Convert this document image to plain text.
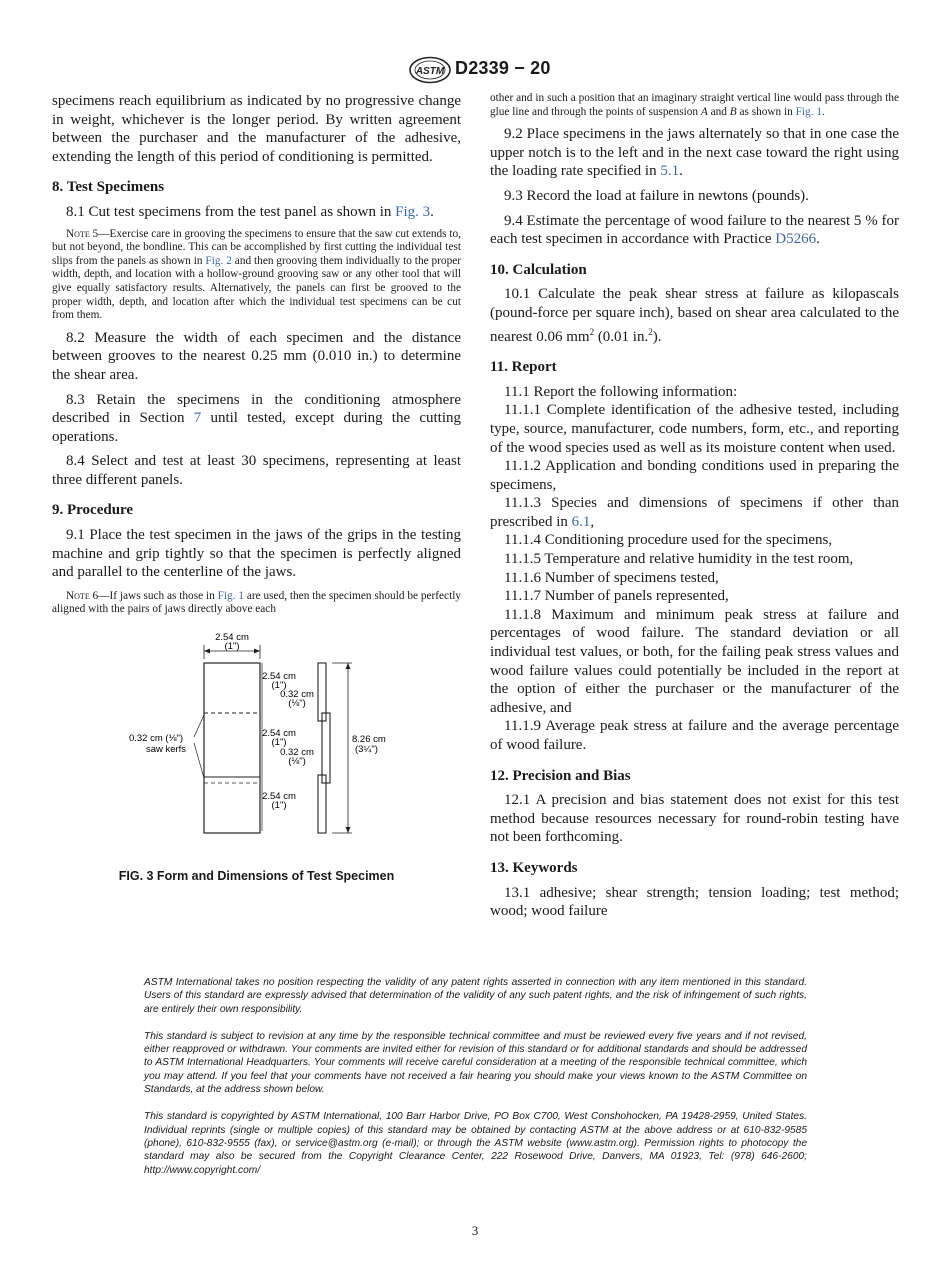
ASTM D2339 − 20

specimens reach equilibrium as indicated by no progressive change in weight, whichever is the longer period. By written agreement between the purchaser and the manufacturer of the adhesive, extending the length of this period of conditioning is permitted.

8. Test Specimens

8.1 Cut test specimens from the test panel as shown in Fig. 3.

Note 5—Exercise care in grooving the specimens to ensure that the saw cut extends to, but not beyond, the bondline. This can be accomplished by first cutting the individual test slips from the panels as shown in Fig. 2 and then grooving them individually to the proper width, depth, and location with a hollow-ground grooving saw or any other tool that will give equally satisfactory results. Alternatively, the panels can first be grooved to the proper width, depth, and location after which the individual test specimens can be cut from them.

8.2 Measure the width of each specimen and the distance between grooves to the nearest 0.25 mm (0.010 in.) to determine the shear area.

8.3 Retain the specimens in the conditioning atmosphere described in Section 7 until tested, except during the cutting operations.

8.4 Select and test at least 30 specimens, representing at least three different panels.

9. Procedure

9.1 Place the test specimen in the jaws of the grips in the testing machine and grip tightly so that the specimen is perfectly aligned and parallel to the centerline of the jaws.

Note 6—If jaws such as those in Fig. 1 are used, then the specimen should be perfectly aligned with the pairs of jaws directly above each

2.54 cm
(1")
2.54 cm
(1")
0.32 cm
(⅛")
2.54 cm
(1")
0.32 cm
(⅛")
2.54 cm
(1")
8.26 cm
(3¼")
0.32 cm (⅛")
saw kerfs

FIG. 3 Form and Dimensions of Test Specimen

other and in such a position that an imaginary straight vertical line would pass through the glue line and through the points of suspension A and B as shown in Fig. 1.

9.2 Place specimens in the jaws alternately so that in one case the upper notch is to the left and in the next case toward the right using the loading rate specified in 5.1.

9.3 Record the load at failure in newtons (pounds).

9.4 Estimate the percentage of wood failure to the nearest 5 % for each test specimen in accordance with Practice D5266.

10. Calculation

10.1 Calculate the peak shear stress at failure as kilopascals (pound-force per square inch), based on shear area calculated to the nearest 0.06 $mm^2$ (0.01 in.$^2$).

11. Report

11.1 Report the following information:

11.1.1 Complete identification of the adhesive tested, including type, source, manufacturer, code numbers, form, etc., and reporting of the wood species used as well as its moisture content when used.

11.1.2 Application and bonding conditions used in preparing the specimens,

11.1.3 Species and dimensions of specimens if other than prescribed in 6.1,

11.1.4 Conditioning procedure used for the specimens,

11.1.5 Temperature and relative humidity in the test room,

11.1.6 Number of specimens tested,

11.1.7 Number of panels represented,

11.1.8 Maximum and minimum peak stress at failure and percentages of wood failure. The standard deviation or all individual test values, or both, for the failing peak stress values and wood failure values could potentially be included in the report at the option of either the purchaser or the manufacturer of the adhesive, and

11.1.9 Average peak stress at failure and the average percentage of wood failure.

12. Precision and Bias

12.1 A precision and bias statement does not exist for this test method because resources necessary for round-robin testing have not been forthcoming.

13. Keywords

13.1 adhesive; shear strength; tension loading; test method; wood; wood failure

ASTM International takes no position respecting the validity of any patent rights asserted in connection with any item mentioned in this standard. Users of this standard are expressly advised that determination of the validity of any such patent rights, and the risk of infringement of such rights, are entirely their own responsibility.

This standard is subject to revision at any time by the responsible technical committee and must be reviewed every five years and if not revised, either reapproved or withdrawn. Your comments are invited either for revision of this standard or for additional standards and should be addressed to ASTM International Headquarters. Your comments will receive careful consideration at a meeting of the responsible technical committee, which you may attend. If you feel that your comments have not received a fair hearing you should make your views known to the ASTM Committee on Standards, at the address shown below.

This standard is copyrighted by ASTM International, 100 Barr Harbor Drive, PO Box C700, West Conshohocken, PA 19428-2959, United States. Individual reprints (single or multiple copies) of this standard may be obtained by contacting ASTM at the above address or at 610-832-9585 (phone), 610-832-9555 (fax), or service@astm.org (e-mail); or through the ASTM website (www.astm.org). Permission rights to photocopy the standard may also be secured from the Copyright Clearance Center, 222 Rosewood Drive, Danvers, MA 01923, Tel: (978) 646-2600; http://www.copyright.com/

3
